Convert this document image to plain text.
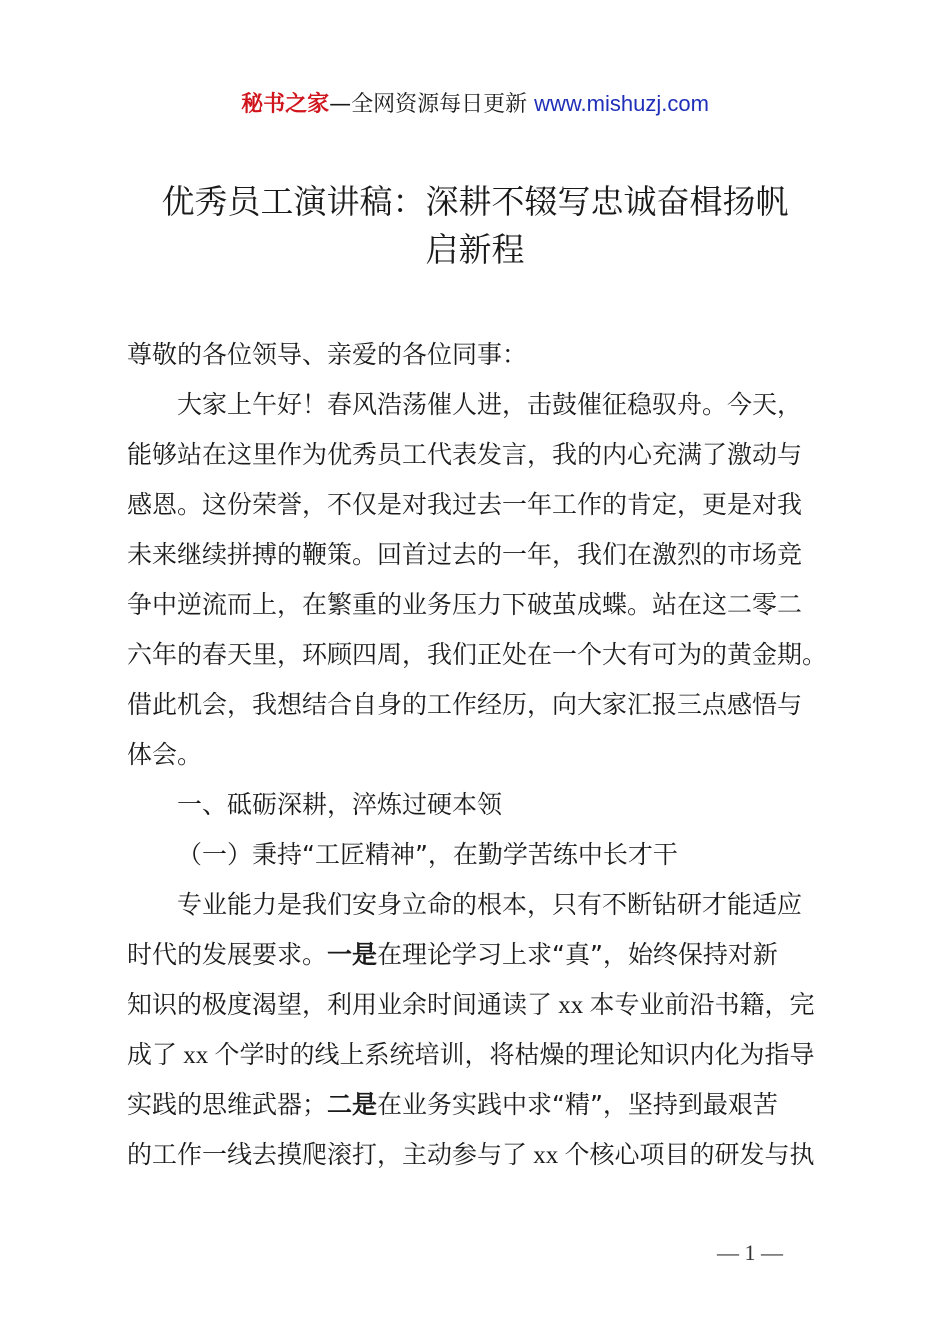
秘书之家—全网资源每日更新 www.mishuzj.com
优秀员工演讲稿：深耕不辍写忠诚奋楫扬帆
启新程
尊敬的各位领导、亲爱的各位同事：
大家上午好！春风浩荡催人进，击鼓催征稳驭舟。今天，
能够站在这里作为优秀员工代表发言，我的内心充满了激动与
感恩。这份荣誉，不仅是对我过去一年工作的肯定，更是对我
未来继续拼搏的鞭策。回首过去的一年，我们在激烈的市场竞
争中逆流而上，在繁重的业务压力下破茧成蝶。站在这二零二
六年的春天里，环顾四周，我们正处在一个大有可为的黄金期。
借此机会，我想结合自身的工作经历，向大家汇报三点感悟与
体会。
一、砥砺深耕，淬炼过硬本领
（一）秉持“工匠精神”，在勤学苦练中长才干
专业能力是我们安身立命的根本，只有不断钻研才能适应
时代的发展要求。一是在理论学习上求“真”，始终保持对新
知识的极度渴望，利用业余时间通读了 xx 本专业前沿书籍，完
成了 xx 个学时的线上系统培训，将枯燥的理论知识内化为指导
实践的思维武器；二是在业务实践中求“精”，坚持到最艰苦
的工作一线去摸爬滚打，主动参与了 xx 个核心项目的研发与执
— 1 —
